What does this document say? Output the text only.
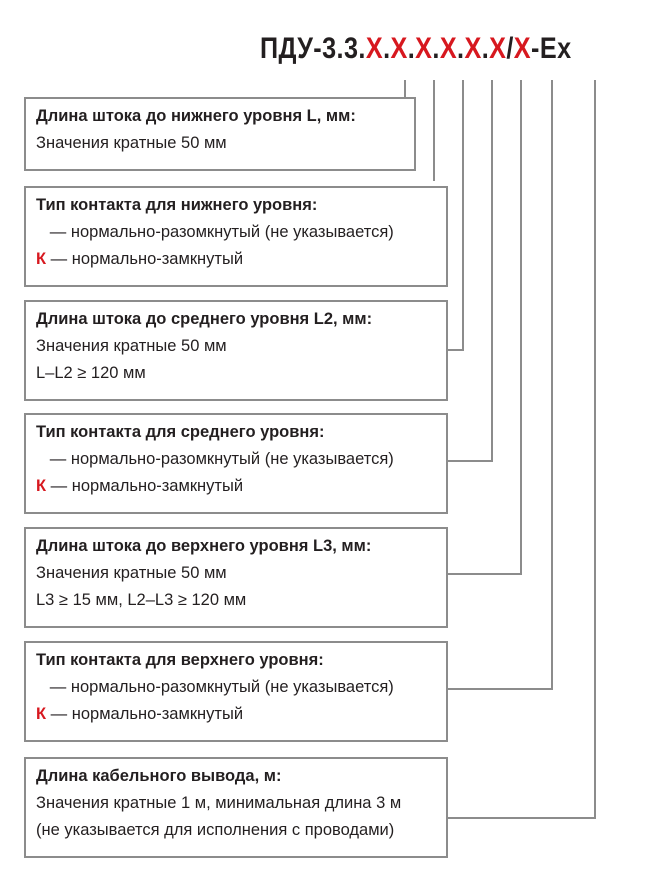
ПДУ-3.3.Х.Х.Х.Х.Х.Х/Х-Ex
Длина штока до нижнего уровня L, мм:
Значения кратные 50 мм
Тип контакта для нижнего уровня:
— нормально-разомкнутый (не указывается)
К — нормально-замкнутый
Длина штока до среднего уровня L2, мм:
Значения кратные 50 мм
L–L2 ≥ 120 мм
Тип контакта для среднего уровня:
— нормально-разомкнутый (не указывается)
К — нормально-замкнутый
Длина штока до верхнего уровня L3, мм:
Значения кратные 50 мм
L3 ≥ 15 мм, L2–L3 ≥ 120 мм
Тип контакта для верхнего уровня:
— нормально-разомкнутый (не указывается)
К — нормально-замкнутый
Длина кабельного вывода, м:
Значения кратные 1 м, минимальная длина 3 м
(не указывается для исполнения с проводами)
